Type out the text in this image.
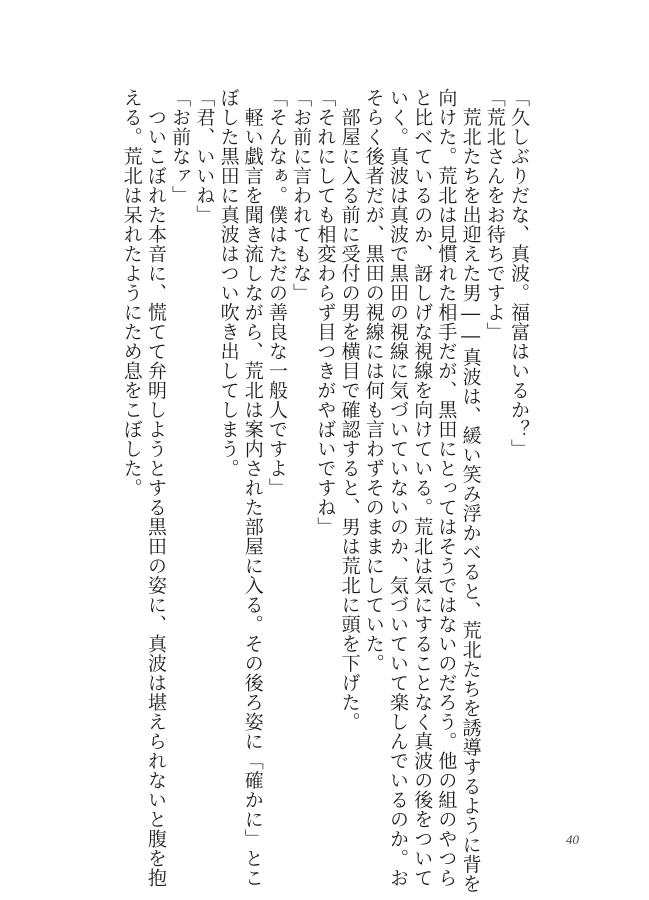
「久しぶりだな、真波。福富はいるか？」
「荒北さんをお待ちですよ」
　荒北たちを出迎えた男――真波は、緩い笑み浮かべると、荒北たちを誘導するように背を
向けた。荒北は見慣れた相手だが、黒田にとってはそうではないのだろう。他の組のやつら
と比べているのか、訝しげな視線を向けている。荒北は気にすることなく真波の後をついて
いく。真波は真波で黒田の視線に気づいていないのか、気づいていて楽しんでいるのか。お
そらく後者だが、黒田の視線には何も言わずそのままにしていた。
　部屋に入る前に受付の男を横目で確認すると、男は荒北に頭を下げた。
「それにしても相変わらず目つきがやばいですね」
「お前に言われてもな」
「そんなぁ。僕はただの善良な一般人ですよ」
　軽い戯言を聞き流しながら、荒北は案内された部屋に入る。その後ろ姿に「確かに」とこ
ぼした黒田に真波はつい吹き出してしまう。
「君、いいね」
「お前なァ」
　ついこぼれた本音に、慌てて弁明しようとする黒田の姿に、真波は堪えられないと腹を抱
える。荒北は呆れたようにため息をこぼした。
40
